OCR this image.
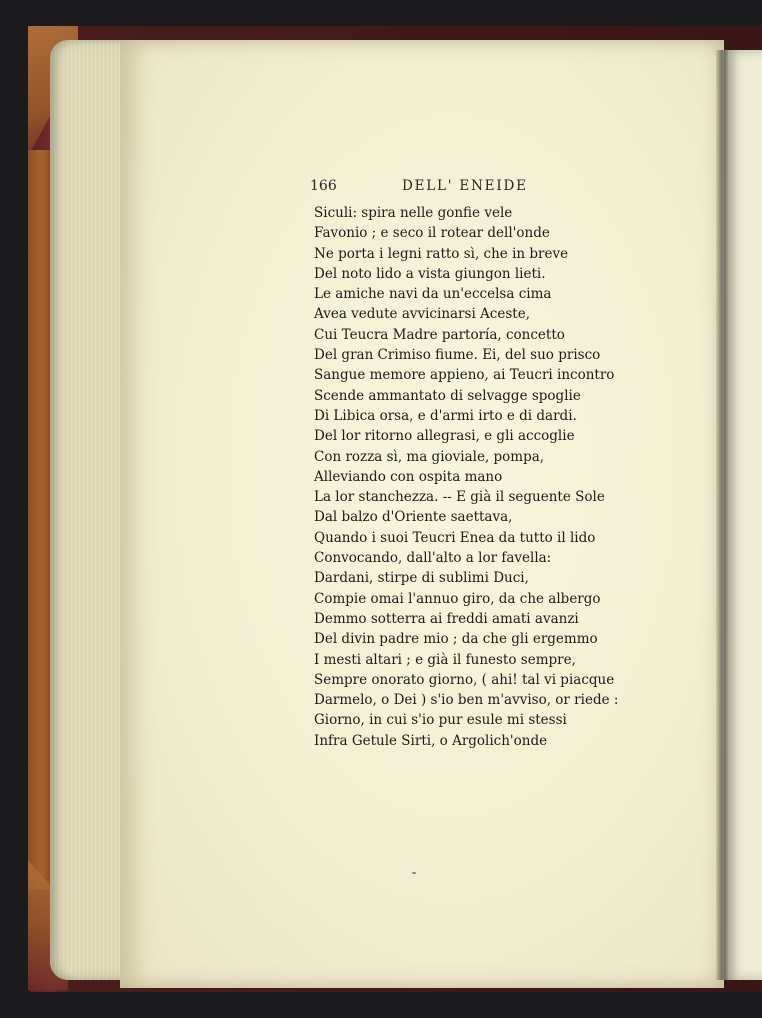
166	DELL' ENEIDE
Siculi: spira nelle gonfie vele
Favonio ; e seco il rotear dell'onde
Ne porta i legni ratto sì, che in breve
Del noto lido a vista giungon lieti.
Le amiche navi da un'eccelsa cima
Avea vedute avvicinarsi Aceste,
Cui Teucra Madre partoría, concetto
Del gran Crimiso fiume. Ei, del suo prisco
Sangue memore appieno, ai Teucri incontro
Scende ammantato di selvagge spoglie
Di Libica orsa, e d'armi irto e di dardi.
Del lor ritorno allegrasi, e gli accoglie
Con rozza sì, ma gioviale, pompa,
Alleviando con ospita mano
La lor stanchezza. -- E già il seguente Sole
Dal balzo d'Oriente saettava,
Quando i suoi Teucri Enea da tutto il lido
Convocando, dall'alto a lor favella:
Dardani, stirpe di sublimi Duci,
Compie omai l'annuo giro, da che albergo
Demmo sotterra ai freddi amati avanzi
Del divin padre mio ; da che gli ergemmo
I mesti altari ; e già il funesto sempre,
Sempre onorato giorno, ( ahi! tal vi piacque
Darmelo, o Dei ) s'io ben m'avviso, or riede :
Giorno, in cui s'io pur esule mi stessi
Infra Getule Sirti, o Argolich'onde
